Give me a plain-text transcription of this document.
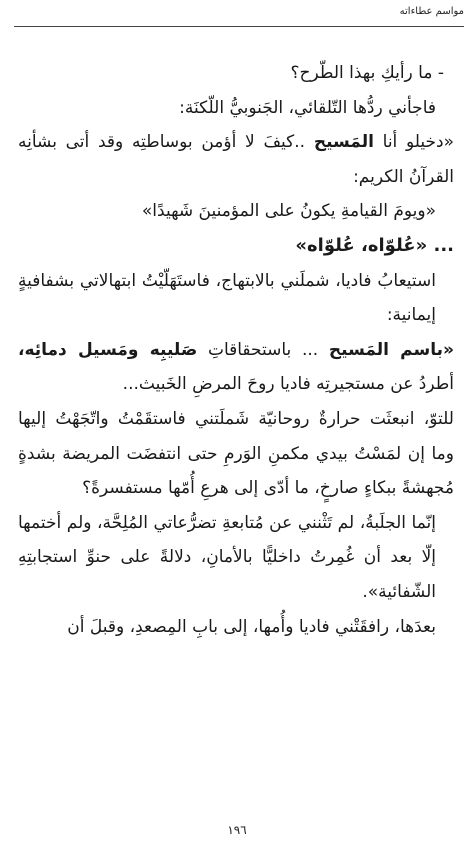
مواسم عطاءاته

- ما رأيكِ بهذا الطّرح؟

فاجأني ردُّها التّلقائي، الجَنوبيُّ اللّكنَة:

«دخيلو أنا المَسيح ..كيفَ لا أؤمن بوساطتِه وقد أتى بشأنِه القرآنُ الكريم:

«ويومَ القيامةِ يكونُ على المؤمنينَ شَهيدًا»

... «عُلوّاه، عُلوّاه»

استيعابُ فاديا، شملَني بالابتهاج، فاستَهَلّيْتُ ابتهالاتي بشفافيةٍ إيمانية:

«باسم المَسيح ... باستحقاقاتِ صَليبِه ومَسيل دمائِه، أطردُ عن مستجيرتِه فاديا روحَ المرضِ الخَبيث...

للتوّ، انبعثَت حرارةٌ روحانيّة شَملَتني فاستقَمْتُ واتّجَهْتُ إليها وما إن لمَسْتُ بيدي مكمنِ الوَرمِ حتى انتفضَت المريضة بشدةٍ مُجهشةً ببكاءٍ صارخٍ، ما أدّى إلى هرعِ أُمّها مستفسرةً؟

إنّما الجلَبةُ، لم تَثْنني عن مُتابعةِ تضرُّعاتي المُلِحَّة، ولم أختمها إلّا بعد أن غُمِرتُ داخليًّا بالأمانِ، دلالةً على حنوِّ استجابتِهِ الشّفائية».

بعدَها، رافقَتْني فاديا وأُمها، إلى بابِ المِصعدِ، وقبلَ أن

١٩٦
